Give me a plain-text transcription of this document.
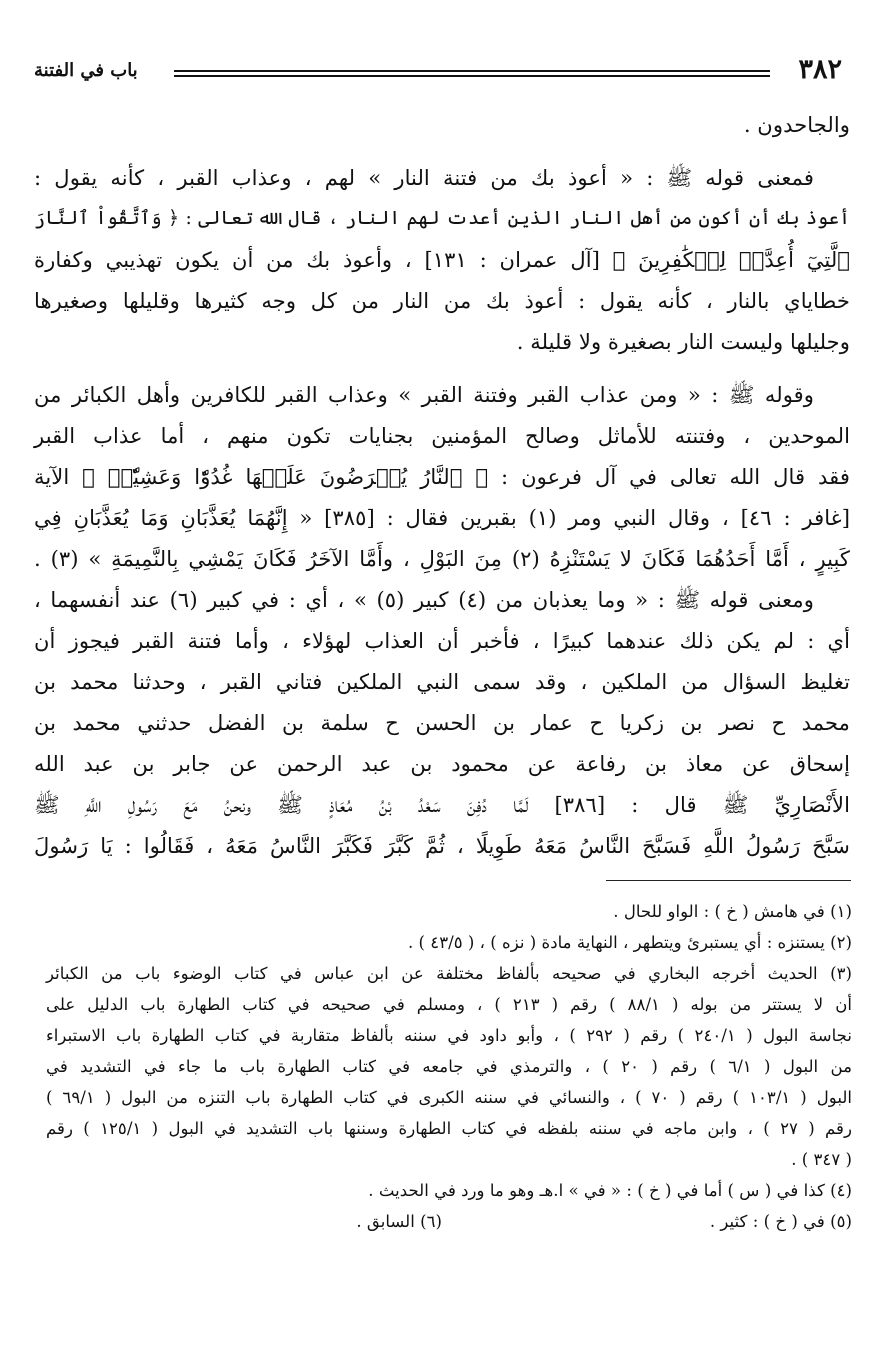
٣٨٢
باب في الفتنة
والجاحدون .
فمعنى قوله ﷺ : « أعوذ بك من فتنة النار » لهم ، وعذاب القبر ، كأنه يقول :
أعوذ بك أن أكون من أهل النار الذين أعدت لهم النار ، قال الله تعالى : ﴿ وَٱتَّقُواْ ٱلنَّارَ
ٱلَّتِيٓ أُعِدَّتۡ لِلۡكَٰفِرِينَ ﴾ [آل عمران : ١٣١] ، وأعوذ بك من أن يكون تهذيبي وكفارة
خطاياي بالنار ، كأنه يقول : أعوذ بك من النار من كل وجه كثيرها وقليلها وصغيرها
وجليلها وليست النار بصغيرة ولا قليلة .
وقوله ﷺ : « ومن عذاب القبر وفتنة القبر » وعذاب القبر للكافرين وأهل الكبائر من
الموحدين ، وفتنته للأماثل وصالح المؤمنين بجنايات تكون منهم ، أما عذاب القبر
فقد قال الله تعالى في آل فرعون : ﴿ ٱلنَّارُ يُعۡرَضُونَ عَلَيۡهَا غُدُوّٗا وَعَشِيّٗاۚ ﴾ الآية
[غافر : ٤٦] ، وقال النبي ومر (١) بقبرين فقال : [٣٨٥] « إِنَّهُمَا يُعَذَّبَانِ وَمَا يُعَذَّبَانِ فِي
كَبِيرٍ ، أَمَّا أَحَدُهُمَا فَكَانَ لا يَسْتَنْزِهُ (٢) مِنَ البَوْلِ ، وأَمَّا الآخَرُ فَكَانَ يَمْشِي بِالنَّمِيمَةِ » (٣) .
ومعنى قوله ﷺ : « وما يعذبان من (٤) كبير (٥) » ، أي : في كبير (٦) عند أنفسهما ،
أي : لم يكن ذلك عندهما كبيرًا ، فأخبر أن العذاب لهؤلاء ، وأما فتنة القبر فيجوز أن
تغليظ السؤال من الملكين ، وقد سمى النبي الملكين فتاني القبر ، وحدثنا محمد بن
محمد ح نصر بن زكريا ح عمار بن الحسن ح سلمة بن الفضل حدثني محمد بن
إسحاق عن معاذ بن رفاعة عن محمود بن عبد الرحمن عن جابر بن عبد الله
الأَنْصَارِيِّ ﷺ قال : [٣٨٦] لَمَّا دُفِنَ سَعْدُ بْنُ مُعَاذٍ ﷺ ونحنُ مَعَ رَسُولِ اللَّهِ ﷺ
سَبَّحَ رَسُولُ اللَّهِ فَسَبَّحَ النَّاسُ مَعَهُ طَوِيلًا ، ثُمَّ كَبَّرَ فَكَبَّرَ النَّاسُ مَعَهُ ، فَقَالُوا : يَا رَسُولَ
(١) في هامش ( خ ) : الواو للحال .
(٢) يستنزه : أي يستبرئ ويتطهر ، النهاية مادة ( نزه ) ، ( ٤٣/٥ ) .
(٣) الحديث أخرجه البخاري في صحيحه بألفاظ مختلفة عن ابن عباس في كتاب الوضوء باب من الكبائر
أن لا يستتر من بوله ( ٨٨/١ ) رقم ( ٢١٣ ) ، ومسلم في صحيحه في كتاب الطهارة باب الدليل على
نجاسة البول ( ٢٤٠/١ ) رقم ( ٢٩٢ ) ، وأبو داود في سننه بألفاظ متقاربة في كتاب الطهارة باب الاستبراء
من البول ( ٦/١ ) رقم ( ٢٠ ) ، والترمذي في جامعه في كتاب الطهارة باب ما جاء في التشديد في
البول ( ١٠٣/١ ) رقم ( ٧٠ ) ، والنسائي في سننه الكبرى في كتاب الطهارة باب التنزه من البول ( ٦٩/١ )
رقم ( ٢٧ ) ، وابن ماجه في سننه بلفظه في كتاب الطهارة وسننها باب التشديد في البول ( ١٢٥/١ ) رقم
( ٣٤٧ ) .
(٤) كذا في ( س ) أما في ( خ ) : « في » ا.هـ وهو ما ورد في الحديث .
(٥) في ( خ ) : كثير .
(٦) السابق .
